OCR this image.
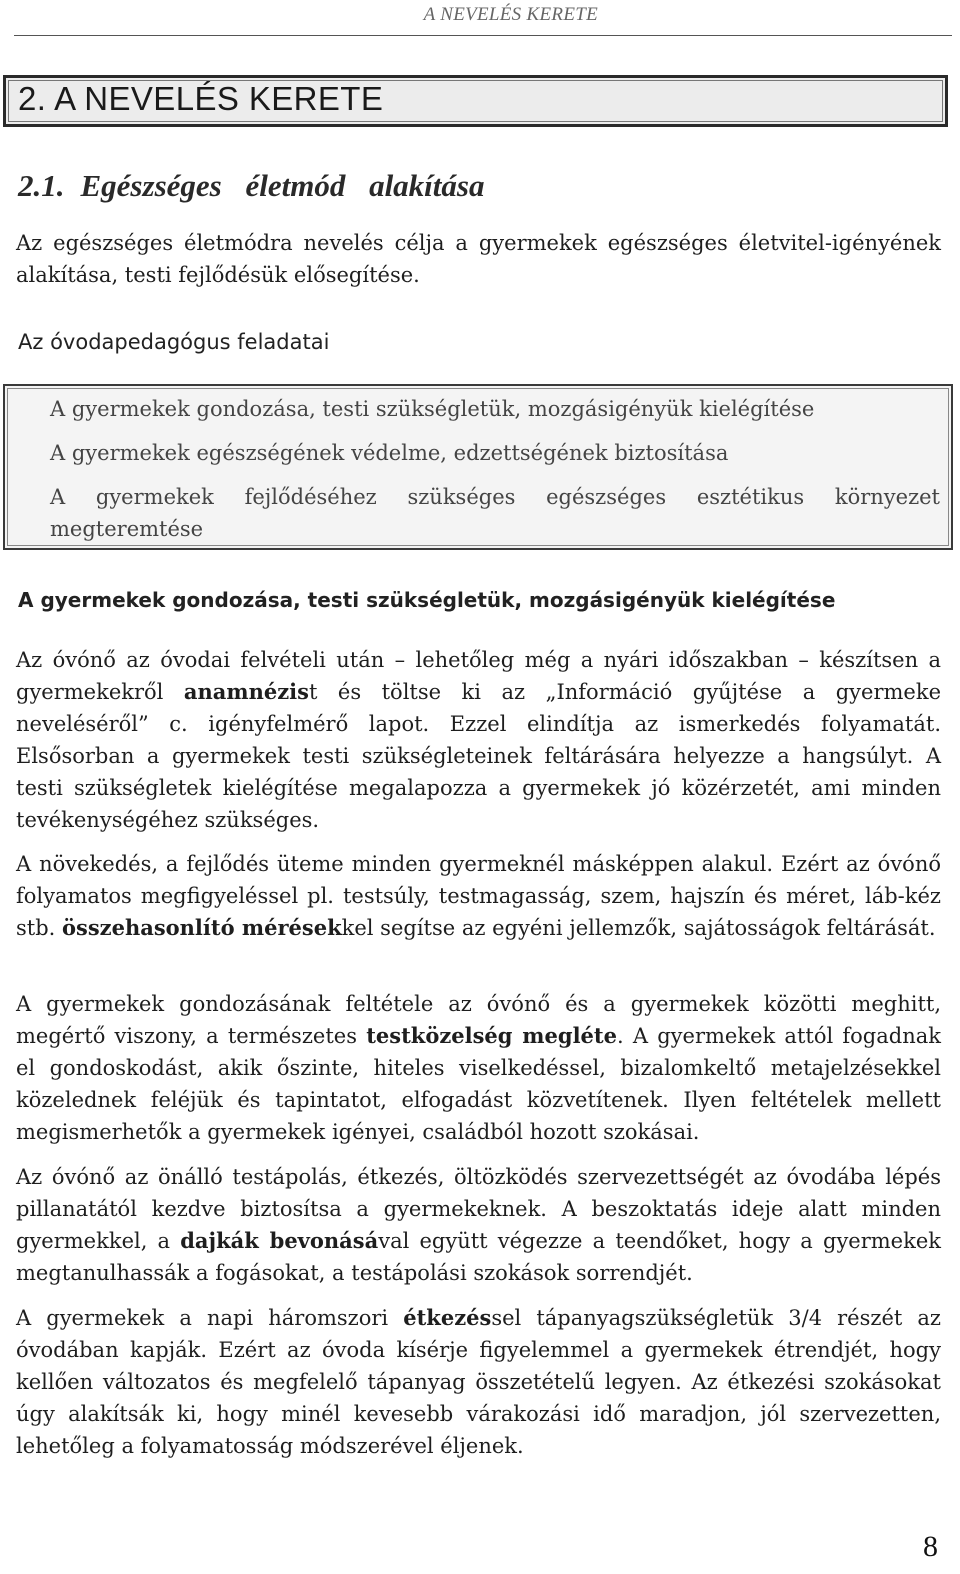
A NEVELÉS KERETE
2. A NEVELÉS KERETE
2.1. Egészséges életmód alakítása
Az egészséges életmódra nevelés célja a gyermekek egészséges életvitel-igényének alakítása, testi fejlődésük elősegítése.
Az óvodapedagógus feladatai
A gyermekek gondozása, testi szükségletük, mozgásigényük kielégítése
A gyermekek egészségének védelme, edzettségének biztosítása
A gyermekek fejlődéséhez szükséges egészséges esztétikus környezet megteremtése
A gyermekek gondozása, testi szükségletük, mozgásigényük kielégítése
Az óvónő az óvodai felvételi után – lehetőleg még a nyári időszakban – készítsen a gyermekekről anamnézist és töltse ki az „Információ gyűjtése a gyermeke neveléséről” c. igényfelmérő lapot. Ezzel elindítja az ismerkedés folyamatát. Elsősorban a gyermekek testi szükségleteinek feltárására helyezze a hangsúlyt. A testi szükségletek kielégítése megalapozza a gyermekek jó közérzetét, ami minden tevékenységéhez szükséges.
A növekedés, a fejlődés üteme minden gyermeknél másképpen alakul. Ezért az óvónő folyamatos megfigyeléssel pl. testsúly, testmagasság, szem, hajszín és méret, láb-kéz stb. összehasonlító mérésekkel segítse az egyéni jellemzők, sajátosságok feltárását.
A gyermekek gondozásának feltétele az óvónő és a gyermekek közötti meghitt, megértő viszony, a természetes testközelség megléte. A gyermekek attól fogadnak el gondoskodást, akik őszinte, hiteles viselkedéssel, bizalomkeltő metajelzésekkel közelednek feléjük és tapintatot, elfogadást közvetítenek. Ilyen feltételek mellett megismerhetők a gyermekek igényei, családból hozott szokásai.
Az óvónő az önálló testápolás, étkezés, öltözködés szervezettségét az óvodába lépés pillanatától kezdve biztosítsa a gyermekeknek. A beszoktatás ideje alatt minden gyermekkel, a dajkák bevonásával együtt végezze a teendőket, hogy a gyermekek megtanulhassák a fogásokat, a testápolási szokások sorrendjét.
A gyermekek a napi háromszori étkezéssel tápanyagszükségletük 3/4 részét az óvodában kapják. Ezért az óvoda kísérje figyelemmel a gyermekek étrendjét, hogy kellően változatos és megfelelő tápanyag összetételű legyen. Az étkezési szokásokat úgy alakítsák ki, hogy minél kevesebb várakozási idő maradjon, jól szervezetten, lehetőleg a folyamatosság módszerével éljenek.
8
